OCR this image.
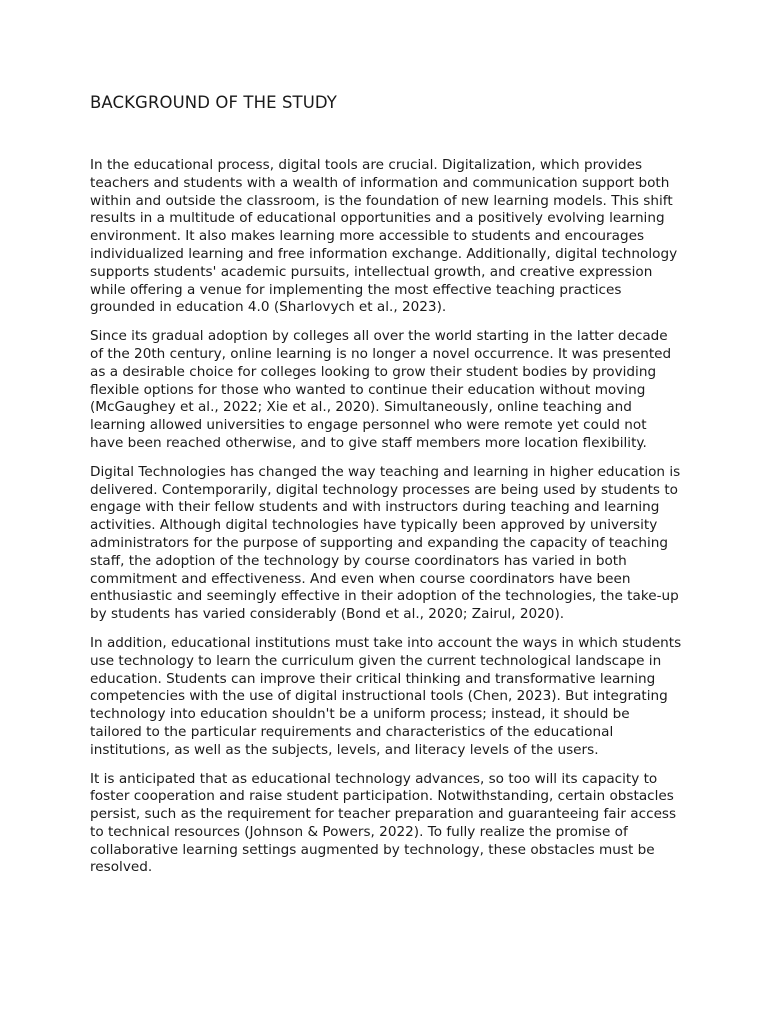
BACKGROUND OF THE STUDY

In the educational process, digital tools are crucial. Digitalization, which provides teachers and students with a wealth of information and communication support both within and outside the classroom, is the foundation of new learning models. This shift results in a multitude of educational opportunities and a positively evolving learning environment. It also makes learning more accessible to students and encourages individualized learning and free information exchange. Additionally, digital technology supports students' academic pursuits, intellectual growth, and creative expression while offering a venue for implementing the most effective teaching practices grounded in education 4.0 (Sharlovych et al., 2023).

Since its gradual adoption by colleges all over the world starting in the latter decade of the 20th century, online learning is no longer a novel occurrence. It was presented as a desirable choice for colleges looking to grow their student bodies by providing flexible options for those who wanted to continue their education without moving (McGaughey et al., 2022; Xie et al., 2020). Simultaneously, online teaching and learning allowed universities to engage personnel who were remote yet could not have been reached otherwise, and to give staff members more location flexibility.

Digital Technologies has changed the way teaching and learning in higher education is delivered. Contemporarily, digital technology processes are being used by students to engage with their fellow students and with instructors during teaching and learning activities. Although digital technologies have typically been approved by university administrators for the purpose of supporting and expanding the capacity of teaching staff, the adoption of the technology by course coordinators has varied in both commitment and effectiveness. And even when course coordinators have been enthusiastic and seemingly effective in their adoption of the technologies, the take-up by students has varied considerably (Bond et al., 2020; Zairul, 2020).

In addition, educational institutions must take into account the ways in which students use technology to learn the curriculum given the current technological landscape in education. Students can improve their critical thinking and transformative learning competencies with the use of digital instructional tools (Chen, 2023). But integrating technology into education shouldn't be a uniform process; instead, it should be tailored to the particular requirements and characteristics of the educational institutions, as well as the subjects, levels, and literacy levels of the users.

It is anticipated that as educational technology advances, so too will its capacity to foster cooperation and raise student participation. Notwithstanding, certain obstacles persist, such as the requirement for teacher preparation and guaranteeing fair access to technical resources (Johnson & Powers, 2022). To fully realize the promise of collaborative learning settings augmented by technology, these obstacles must be resolved.
